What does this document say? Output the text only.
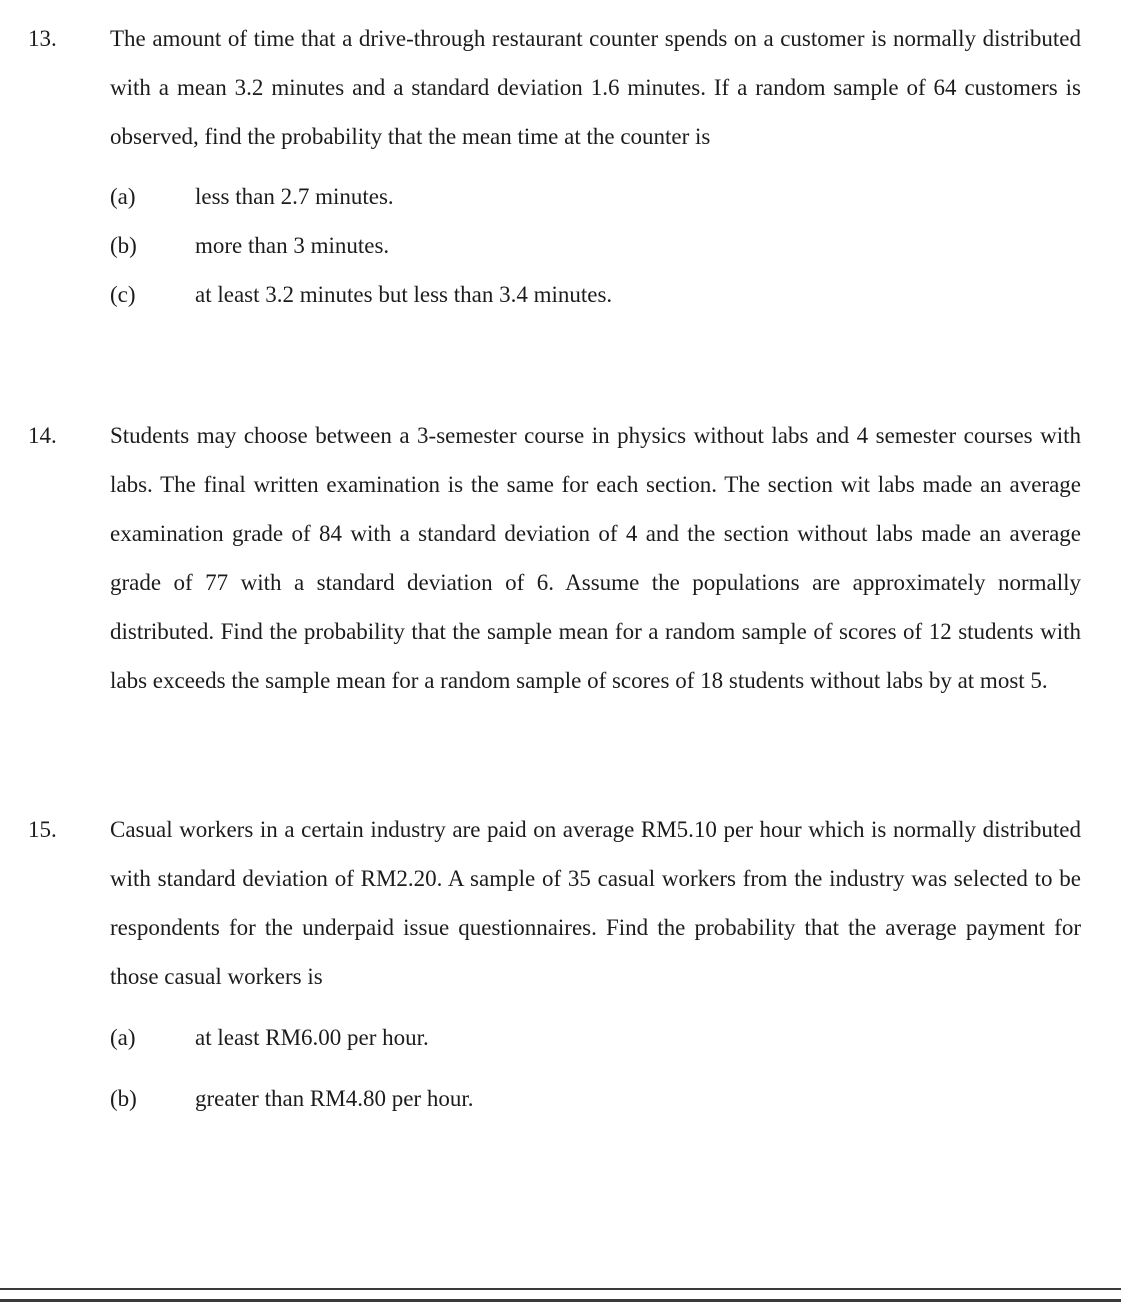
13.	The amount of time that a drive-through restaurant counter spends on a customer is normally distributed with a mean 3.2 minutes and a standard deviation 1.6 minutes. If a random sample of 64 customers is observed, find the probability that the mean time at the counter is

(a)	less than 2.7 minutes.
(b)	more than 3 minutes.
(c)	at least 3.2 minutes but less than 3.4 minutes.
14.	Students may choose between a 3-semester course in physics without labs and 4 semester courses with labs. The final written examination is the same for each section. The section wit labs made an average examination grade of 84 with a standard deviation of 4 and the section without labs made an average grade of 77 with a standard deviation of 6. Assume the populations are approximately normally distributed. Find the probability that the sample mean for a random sample of scores of 12 students with labs exceeds the sample mean for a random sample of scores of 18 students without labs by at most 5.

15.	Casual workers in a certain industry are paid on average RM5.10 per hour which is normally distributed with standard deviation of RM2.20. A sample of 35 casual workers from the industry was selected to be respondents for the underpaid issue questionnaires. Find the probability that the average payment for those casual workers is

(a)	at least RM6.00 per hour.
(b)	greater than RM4.80 per hour.
